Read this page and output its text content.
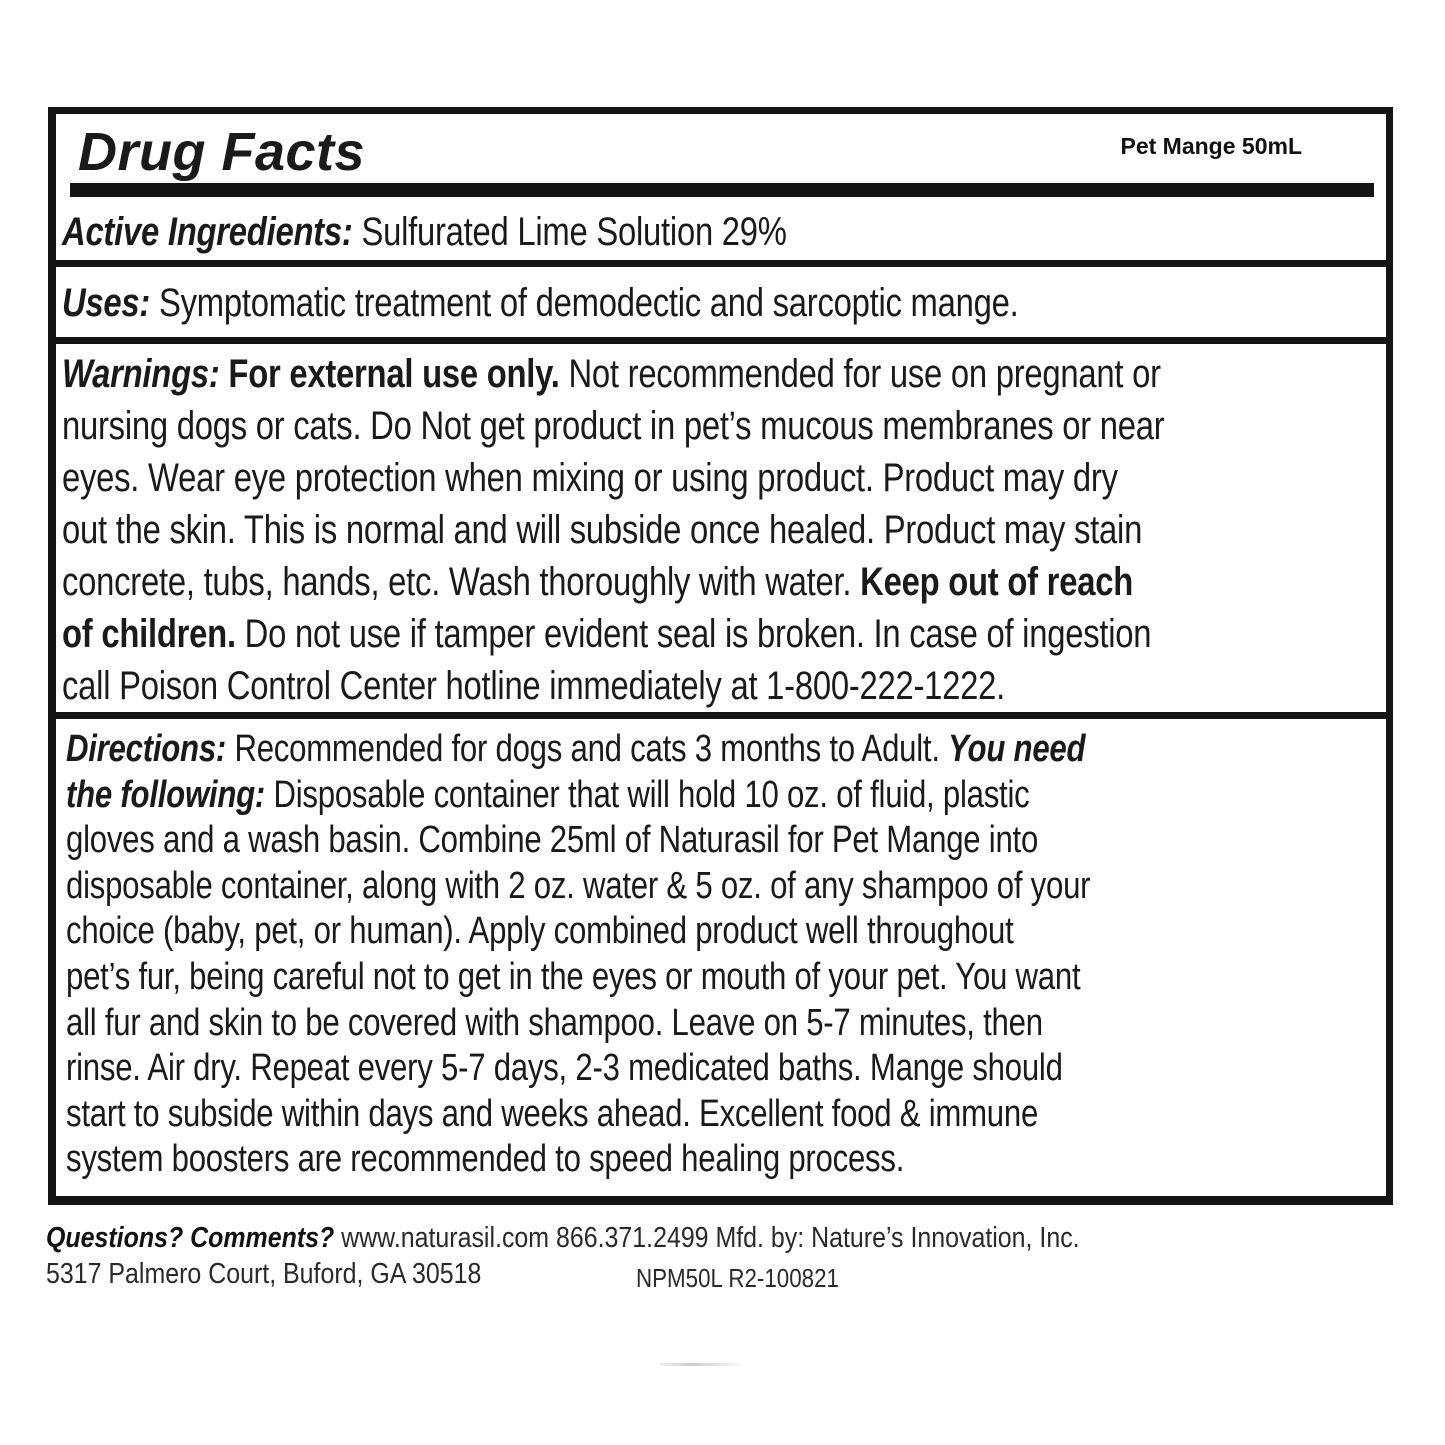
Drug Facts	Pet Mange 50mL
Active Ingredients: Sulfurated Lime Solution 29%
Uses: Symptomatic treatment of demodectic and sarcoptic mange.
Warnings: For external use only. Not recommended for use on pregnant or
nursing dogs or cats. Do Not get product in pet’s mucous membranes or near
eyes. Wear eye protection when mixing or using product. Product may dry
out the skin. This is normal and will subside once healed. Product may stain
concrete, tubs, hands, etc. Wash thoroughly with water. Keep out of reach
of children. Do not use if tamper evident seal is broken. In case of ingestion
call Poison Control Center hotline immediately at 1-800-222-1222.
Directions: Recommended for dogs and cats 3 months to Adult. You need
the following: Disposable container that will hold 10 oz. of fluid, plastic
gloves and a wash basin. Combine 25ml of Naturasil for Pet Mange into
disposable container, along with 2 oz. water & 5 oz. of any shampoo of your
choice (baby, pet, or human). Apply combined product well throughout
pet’s fur, being careful not to get in the eyes or mouth of your pet. You want
all fur and skin to be covered with shampoo. Leave on 5-7 minutes, then
rinse. Air dry. Repeat every 5-7 days, 2-3 medicated baths. Mange should
start to subside within days and weeks ahead. Excellent food & immune
system boosters are recommended to speed healing process.
Questions? Comments? www.naturasil.com 866.371.2499 Mfd. by: Nature’s Innovation, Inc.
5317 Palmero Court, Buford, GA 30518	NPM50L R2-100821
